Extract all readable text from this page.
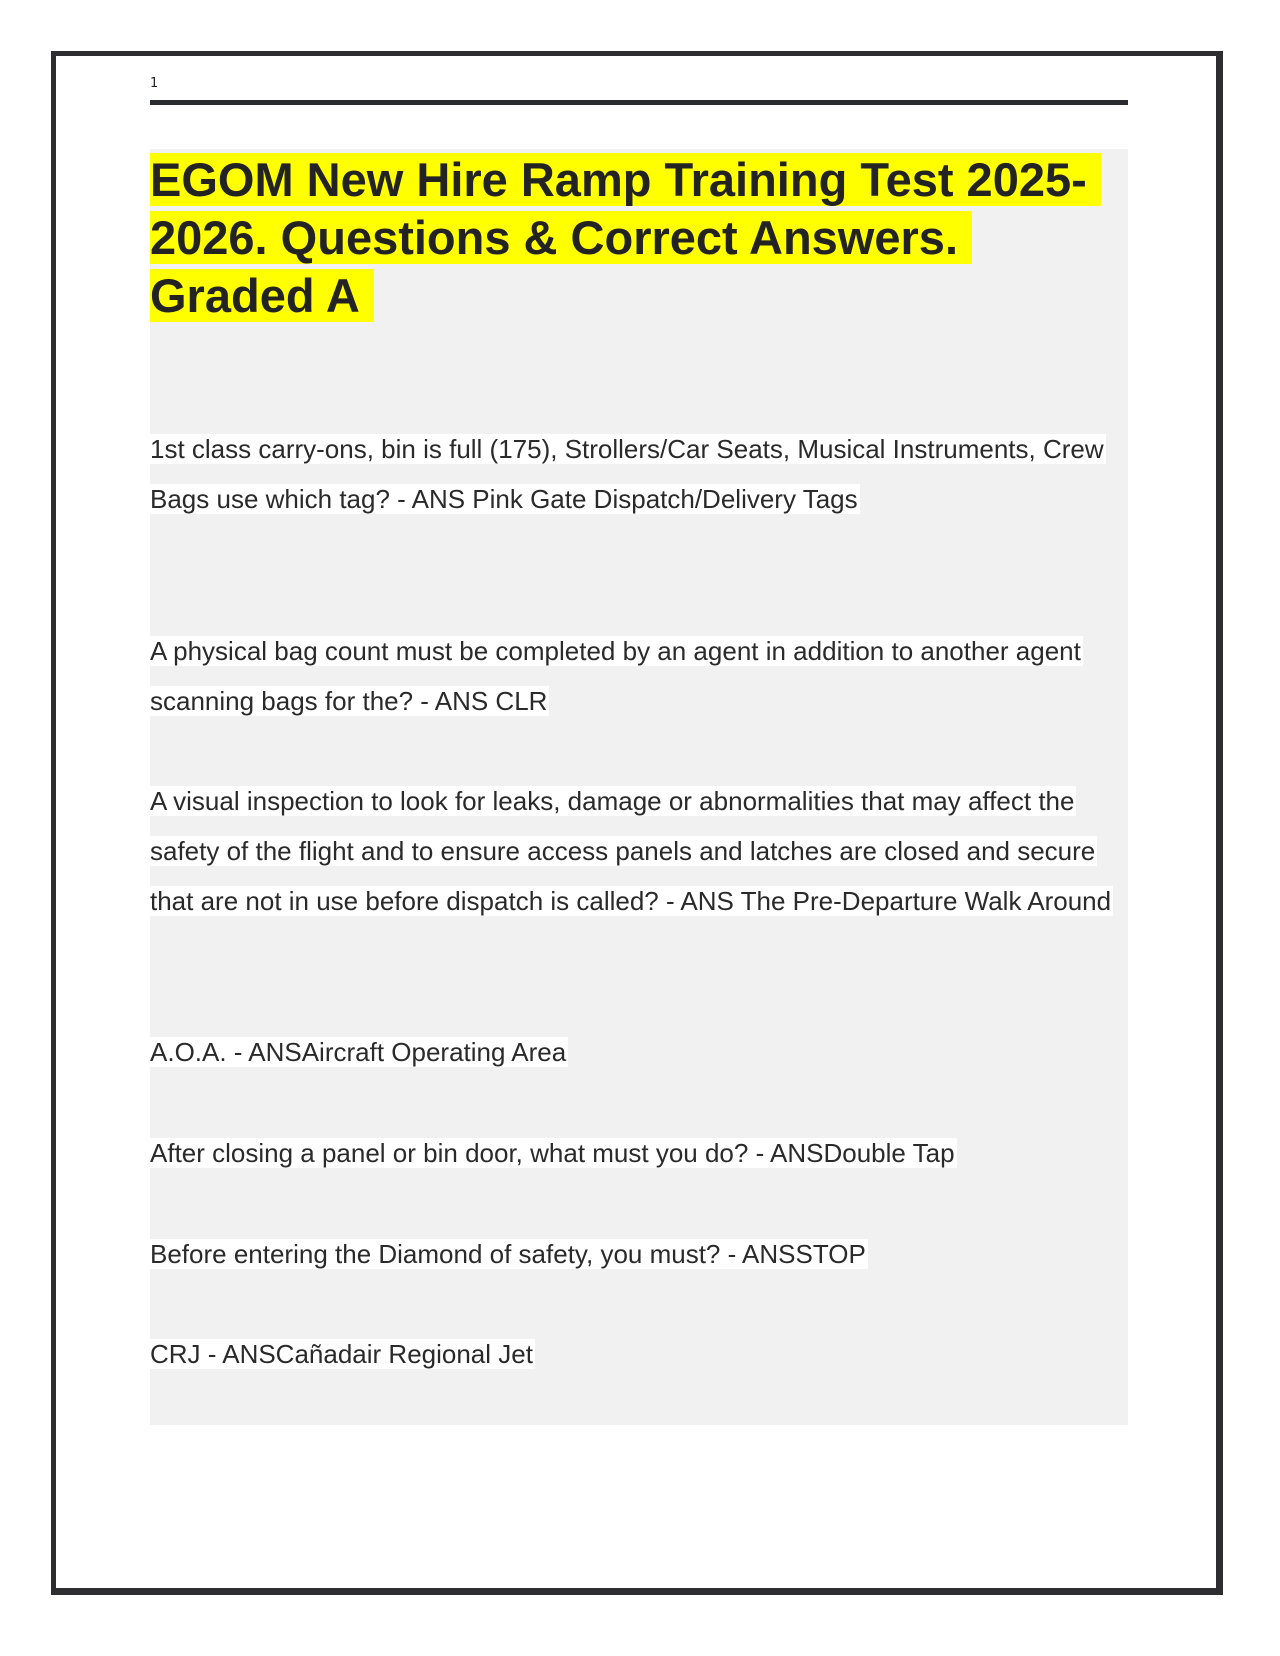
1
EGOM New Hire Ramp Training Test 2025-2026. Questions & Correct Answers. Graded A

1st class carry-ons, bin is full (175), Strollers/Car Seats, Musical Instruments, Crew Bags use which tag? - ANS Pink Gate Dispatch/Delivery Tags

A physical bag count must be completed by an agent in addition to another agent scanning bags for the? - ANS CLR

A visual inspection to look for leaks, damage or abnormalities that may affect the safety of the flight and to ensure access panels and latches are closed and secure that are not in use before dispatch is called? - ANS The Pre-Departure Walk Around

A.O.A. - ANSAircraft Operating Area

After closing a panel or bin door, what must you do? - ANSDouble Tap

Before entering the Diamond of safety, you must? - ANSSTOP

CRJ - ANSCañadair Regional Jet
